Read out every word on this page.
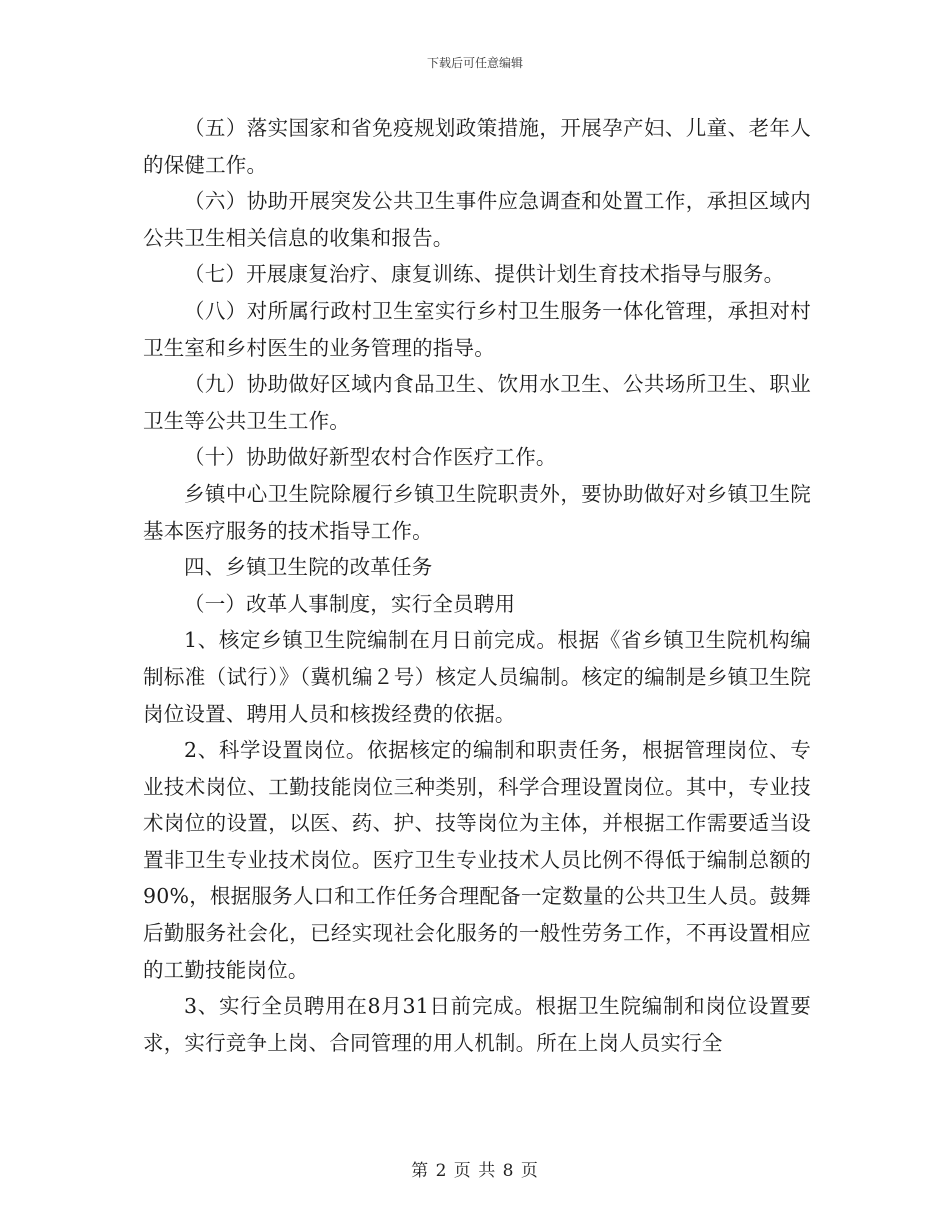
下载后可任意编辑

（五）落实国家和省免疫规划政策措施，开展孕产妇、儿童、老年人的保健工作。

（六）协助开展突发公共卫生事件应急调查和处置工作，承担区域内公共卫生相关信息的收集和报告。

（七）开展康复治疗、康复训练、提供计划生育技术指导与服务。

（八）对所属行政村卫生室实行乡村卫生服务一体化管理，承担对村卫生室和乡村医生的业务管理的指导。

（九）协助做好区域内食品卫生、饮用水卫生、公共场所卫生、职业卫生等公共卫生工作。

（十）协助做好新型农村合作医疗工作。

乡镇中心卫生院除履行乡镇卫生院职责外，要协助做好对乡镇卫生院基本医疗服务的技术指导工作。

四、乡镇卫生院的改革任务

（一）改革人事制度，实行全员聘用

1、核定乡镇卫生院编制在月日前完成。根据《省乡镇卫生院机构编制标准（试行）》（冀机编２号）核定人员编制。核定的编制是乡镇卫生院岗位设置、聘用人员和核拨经费的依据。

2、科学设置岗位。依据核定的编制和职责任务，根据管理岗位、专业技术岗位、工勤技能岗位三种类别，科学合理设置岗位。其中，专业技术岗位的设置，以医、药、护、技等岗位为主体，并根据工作需要适当设置非卫生专业技术岗位。医疗卫生专业技术人员比例不得低于编制总额的90%，根据服务人口和工作任务合理配备一定数量的公共卫生人员。鼓舞后勤服务社会化，已经实现社会化服务的一般性劳务工作，不再设置相应的工勤技能岗位。

3、实行全员聘用在8月31日前完成。根据卫生院编制和岗位设置要求，实行竞争上岗、合同管理的用人机制。所在上岗人员实行全

第 2 页 共 8 页
